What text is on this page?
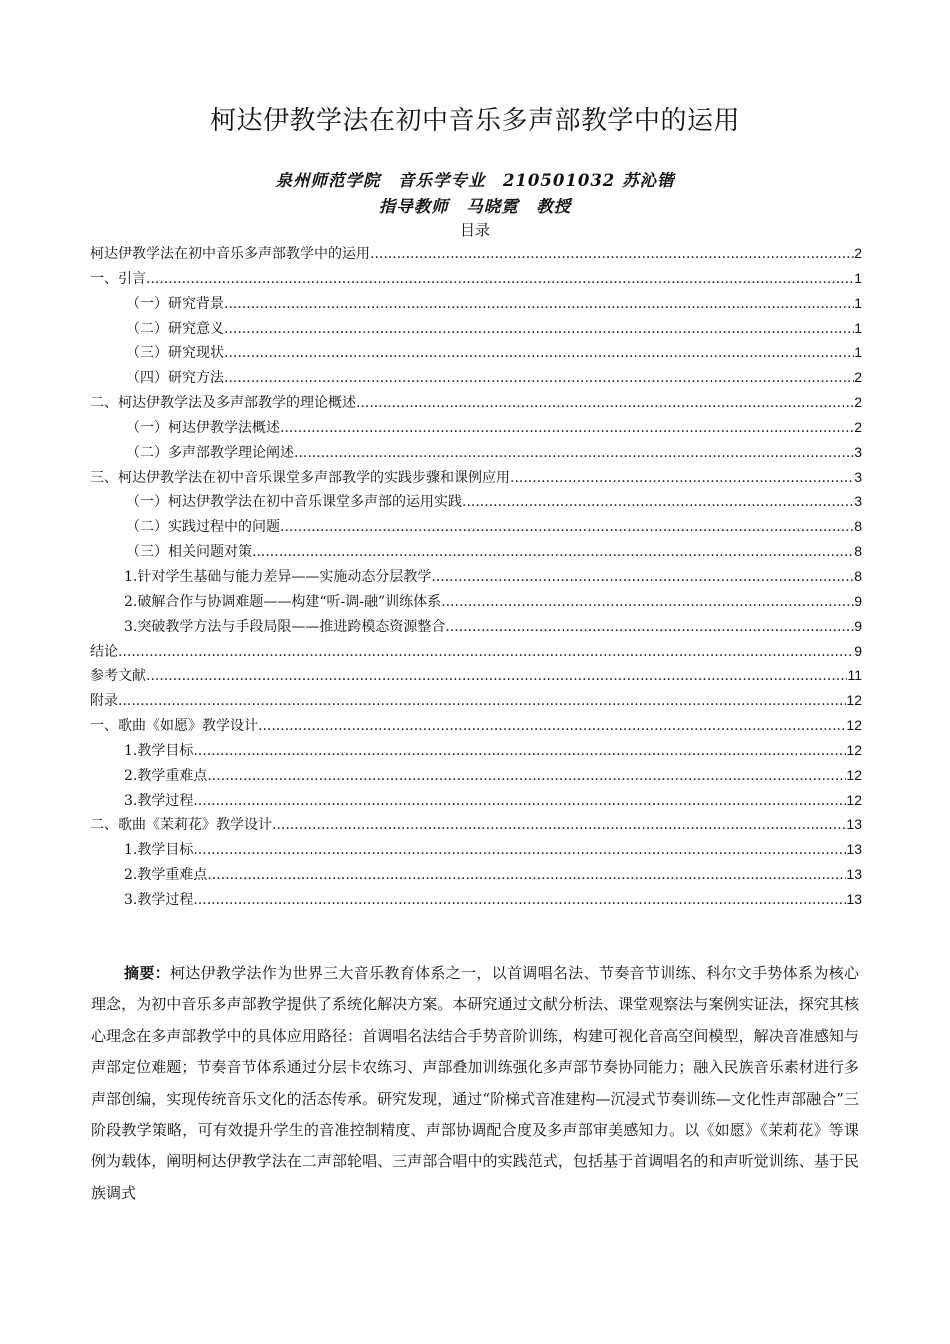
柯达伊教学法在初中音乐多声部教学中的运用
泉州师范学院　音乐学专业　210501032 苏沁锴
指导教师　马晓霓　教授
目录
柯达伊教学法在初中音乐多声部教学中的运用 .....	2
一、引言 .....	1
（一）研究背景 .....	1
（二）研究意义 .....	1
（三）研究现状 .....	1
（四）研究方法 .....	2
二、柯达伊教学法及多声部教学的理论概述 .....	2
（一）柯达伊教学法概述 .....	2
（二）多声部教学理论阐述 .....	3
三、柯达伊教学法在初中音乐课堂多声部教学的实践步骤和课例应用 .....	3
（一）柯达伊教学法在初中音乐课堂多声部的运用实践 .....	3
（二）实践过程中的问题 .....	8
（三）相关问题对策 .....	8
1.针对学生基础与能力差异——实施动态分层教学 .....	8
2.破解合作与协调难题——构建“听-调-融”训练体系 .....	9
3.突破教学方法与手段局限——推进跨模态资源整合 .....	9
结论 .....	9
参考文献 .....	11
附录 .....	12
一、歌曲《如愿》教学设计 .....	12
1.教学目标 .....	12
2.教学重难点 .....	12
3.教学过程 .....	12
二、歌曲《茉莉花》教学设计 .....	13
1.教学目标 .....	13
2.教学重难点 .....	13
3.教学过程 .....	13
摘要：柯达伊教学法作为世界三大音乐教育体系之一，以首调唱名法、节奏音节训练、科尔文手势体系为核心理念，为初中音乐多声部教学提供了系统化解决方案。本研究通过文献分析法、课堂观察法与案例实证法，探究其核心理念在多声部教学中的具体应用路径：首调唱名法结合手势音阶训练，构建可视化音高空间模型，解决音准感知与声部定位难题；节奏音节体系通过分层卡农练习、声部叠加训练强化多声部节奏协同能力；融入民族音乐素材进行多声部创编，实现传统音乐文化的活态传承。研究发现，通过“阶梯式音准建构—沉浸式节奏训练—文化性声部融合”三阶段教学策略，可有效提升学生的音准控制精度、声部协调配合度及多声部审美感知力。以《如愿》《茉莉花》等课例为载体，阐明柯达伊教学法在二声部轮唱、三声部合唱中的实践范式，包括基于首调唱名的和声听觉训练、基于民族调式
